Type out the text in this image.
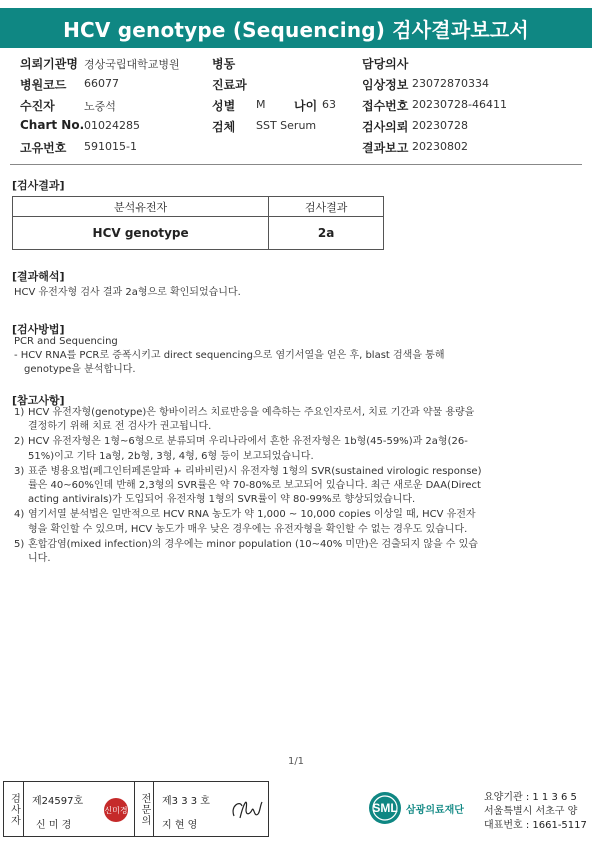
HCV genotype (Sequencing) 검사결과보고서
의뢰기관명 경상국립대학교병원	병동	담당의사
병원코드 66077	진료과	임상정보 23072870334
수진자	노중석	성별 M 나이 63 접수번호 20230728-46411
Chart No. 01024285	검체 SST Serum	검사의뢰 20230728
고유번호 591015-1	결과보고 20230802
[검사결과]
분석유전자	검사결과
HCV genotype	2a
[결과해석]
HCV 유전자형 검사 결과 2a형으로 확인되었습니다.
[검사방법]
PCR and Sequencing
- HCV RNA를 PCR로 증폭시키고 direct sequencing으로 염기서열을 얻은 후, blast 검색을 통해
genotype을 분석합니다.
[참고사항]
1) HCV 유전자형(genotype)은 항바이러스 치료반응을 예측하는 주요인자로서, 치료 기간과 약물 용량을 결정하기 위해 치료 전 검사가 권고됩니다.
2) HCV 유전자형은 1형~6형으로 분류되며 우리나라에서 흔한 유전자형은 1b형(45-59%)과 2a형(26-51%)이고 기타 1a형, 2b형, 3형, 4형, 6형 등이 보고되었습니다.
3) 표준 병용요법(페그인터페론알파 + 리바비린)시 유전자형 1형의 SVR(sustained virologic response)률은 40~60%인데 반해 2,3형의 SVR률은 약 70-80%로 보고되어 있습니다. 최근 새로운 DAA(Direct acting antivirals)가 도입되어 유전자형 1형의 SVR률이 약 80-99%로 향상되었습니다.
4) 염기서열 분석법은 일반적으로 HCV RNA 농도가 약 1,000 ~ 10,000 copies 이상일 때, HCV 유전자형을 확인할 수 있으며, HCV 농도가 매우 낮은 경우에는 유전자형을 확인할 수 없는 경우도 있습니다.
5) 혼합감염(mixed infection)의 경우에는 minor population (10~40% 미만)은 검출되지 않을 수 있습니다.
1/1
검사자 제24597호
신 미 경
신미경 전문의 제3 3 3 호
지 현 영
SML 삼광의료재단
요양기관 : 1 1 3 6 5
서울특별시 서초구 양
대표번호 : 1661-5117
